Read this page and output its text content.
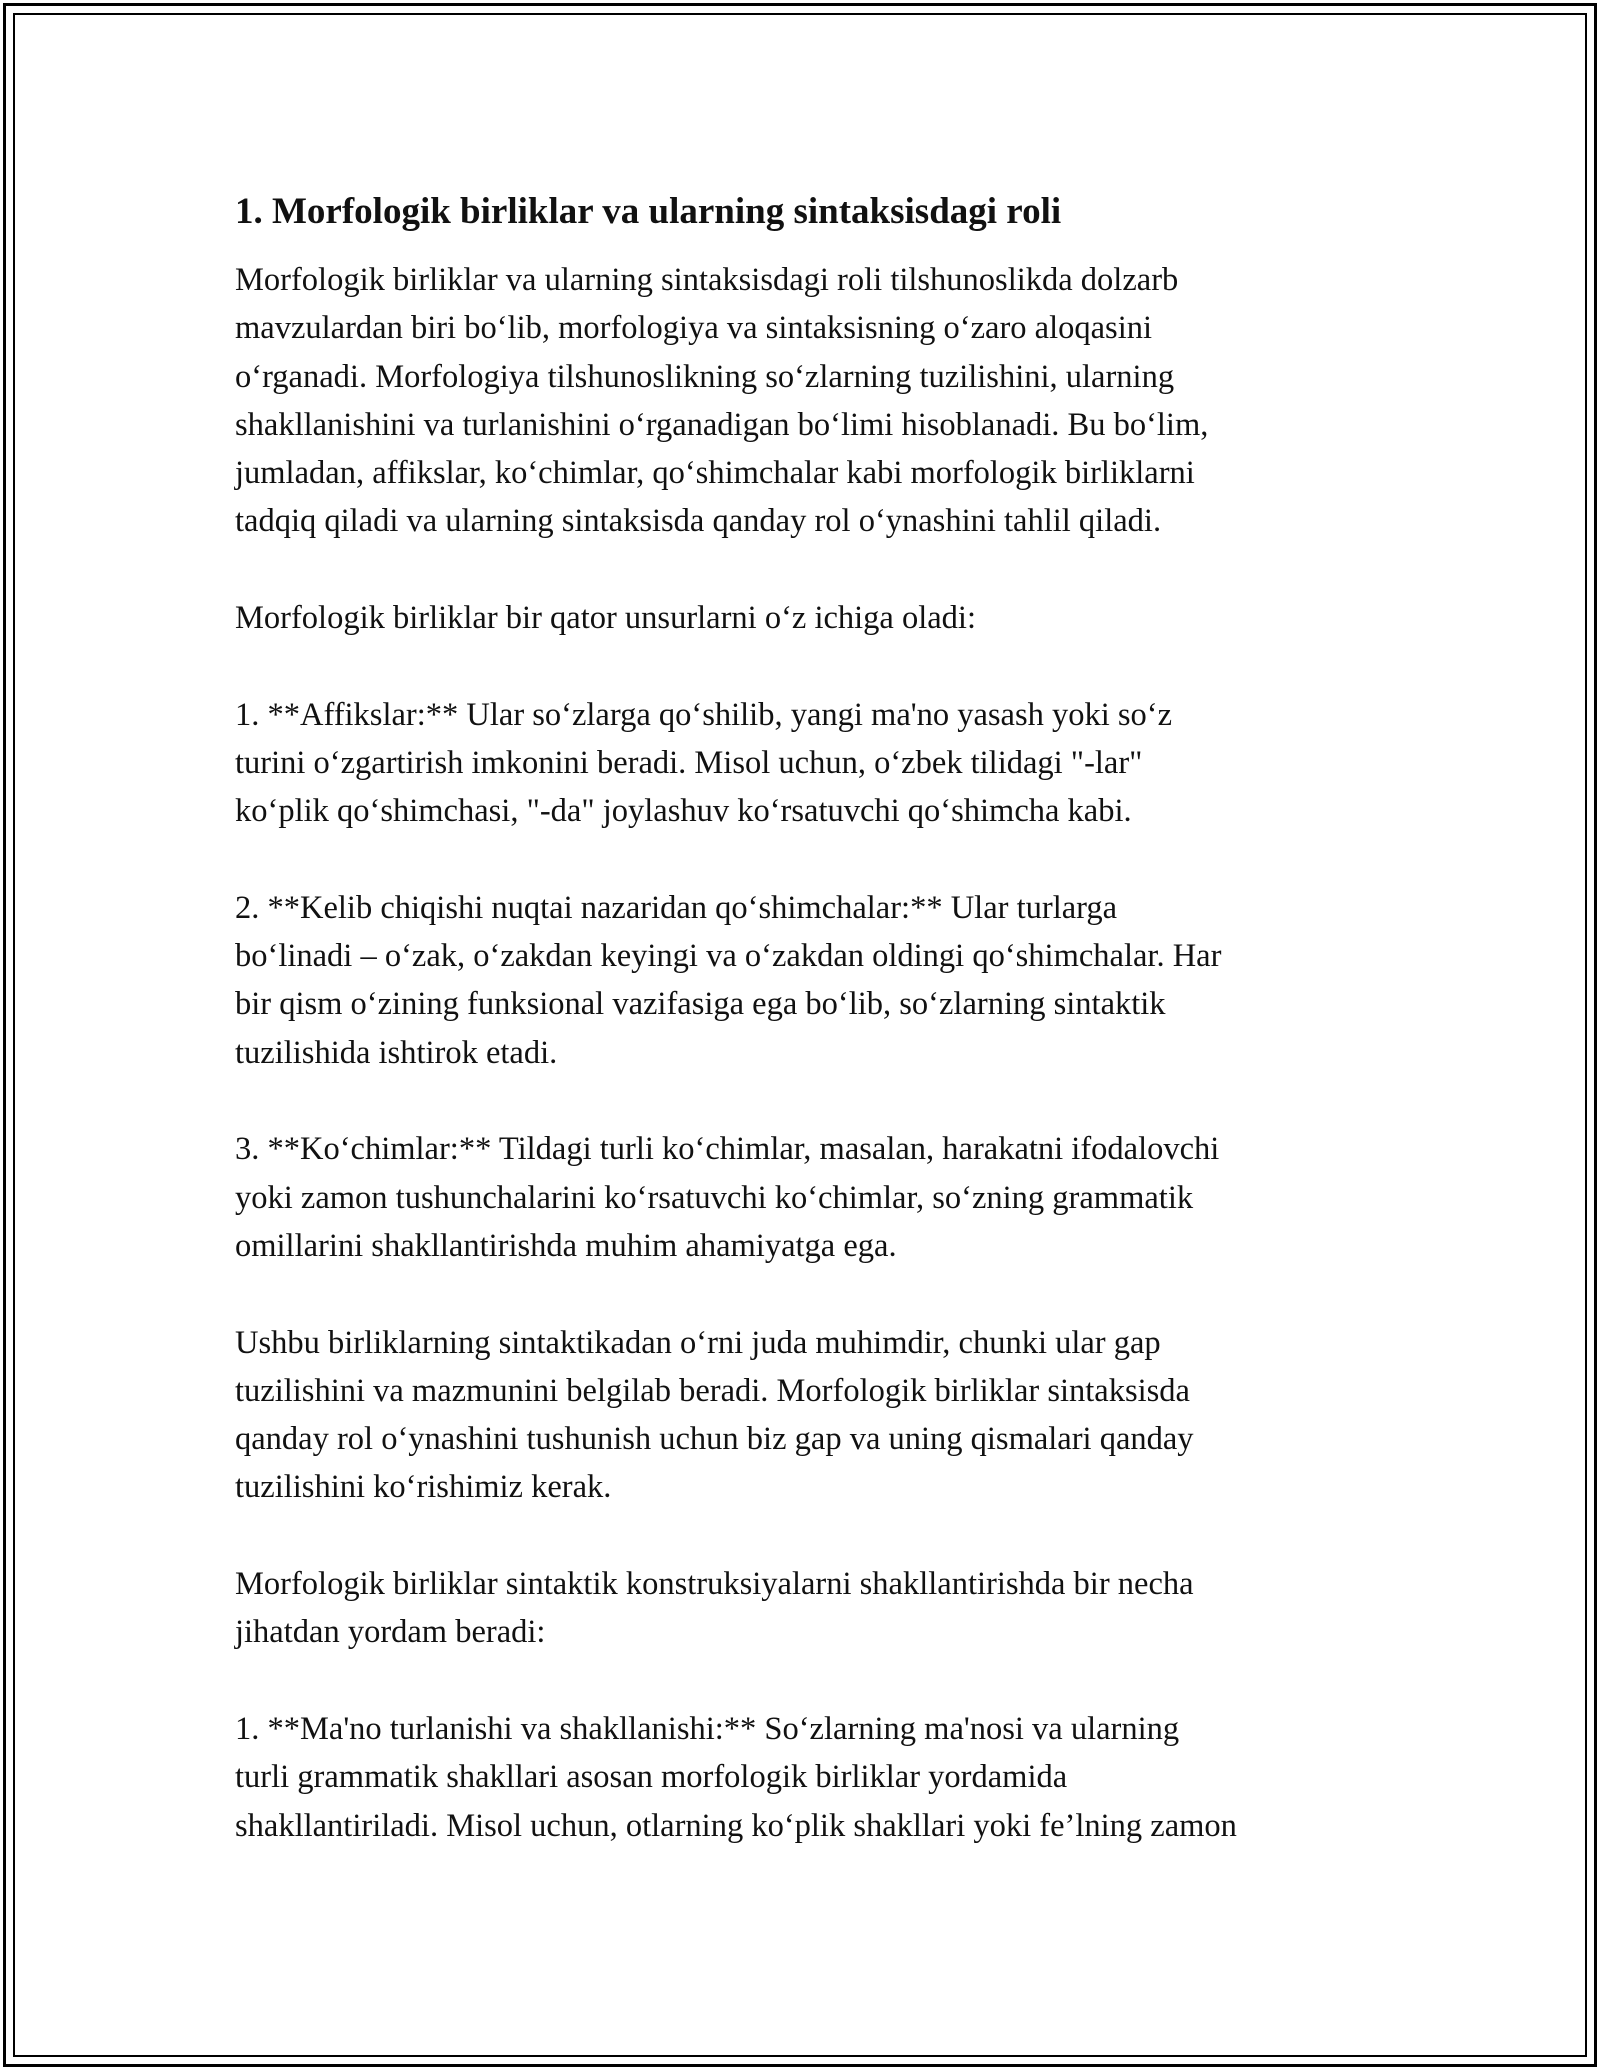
1. Morfologik birliklar va ularning sintaksisdagi roli
Morfologik birliklar va ularning sintaksisdagi roli tilshunoslikda dolzarb
mavzulardan biri bo‘lib, morfologiya va sintaksisning o‘zaro aloqasini
o‘rganadi. Morfologiya tilshunoslikning so‘zlarning tuzilishini, ularning
shakllanishini va turlanishini o‘rganadigan bo‘limi hisoblanadi. Bu bo‘lim,
jumladan, affikslar, ko‘chimlar, qo‘shimchalar kabi morfologik birliklarni
tadqiq qiladi va ularning sintaksisda qanday rol o‘ynashini tahlil qiladi.
Morfologik birliklar bir qator unsurlarni o‘z ichiga oladi:
1. **Affikslar:** Ular so‘zlarga qo‘shilib, yangi ma'no yasash yoki so‘z
turini o‘zgartirish imkonini beradi. Misol uchun, o‘zbek tilidagi "-lar"
ko‘plik qo‘shimchasi, "-da" joylashuv ko‘rsatuvchi qo‘shimcha kabi.
2. **Kelib chiqishi nuqtai nazaridan qo‘shimchalar:** Ular turlarga
bo‘linadi – o‘zak, o‘zakdan keyingi va o‘zakdan oldingi qo‘shimchalar. Har
bir qism o‘zining funksional vazifasiga ega bo‘lib, so‘zlarning sintaktik
tuzilishida ishtirok etadi.
3. **Ko‘chimlar:** Tildagi turli ko‘chimlar, masalan, harakatni ifodalovchi
yoki zamon tushunchalarini ko‘rsatuvchi ko‘chimlar, so‘zning grammatik
omillarini shakllantirishda muhim ahamiyatga ega.
Ushbu birliklarning sintaktikadan o‘rni juda muhimdir, chunki ular gap
tuzilishini va mazmunini belgilab beradi. Morfologik birliklar sintaksisda
qanday rol o‘ynashini tushunish uchun biz gap va uning qismalari qanday
tuzilishini ko‘rishimiz kerak.
Morfologik birliklar sintaktik konstruksiyalarni shakllantirishda bir necha
jihatdan yordam beradi:
1. **Ma'no turlanishi va shakllanishi:** So‘zlarning ma'nosi va ularning
turli grammatik shakllari asosan morfologik birliklar yordamida
shakllantiriladi. Misol uchun, otlarning ko‘plik shakllari yoki fe’lning zamon
